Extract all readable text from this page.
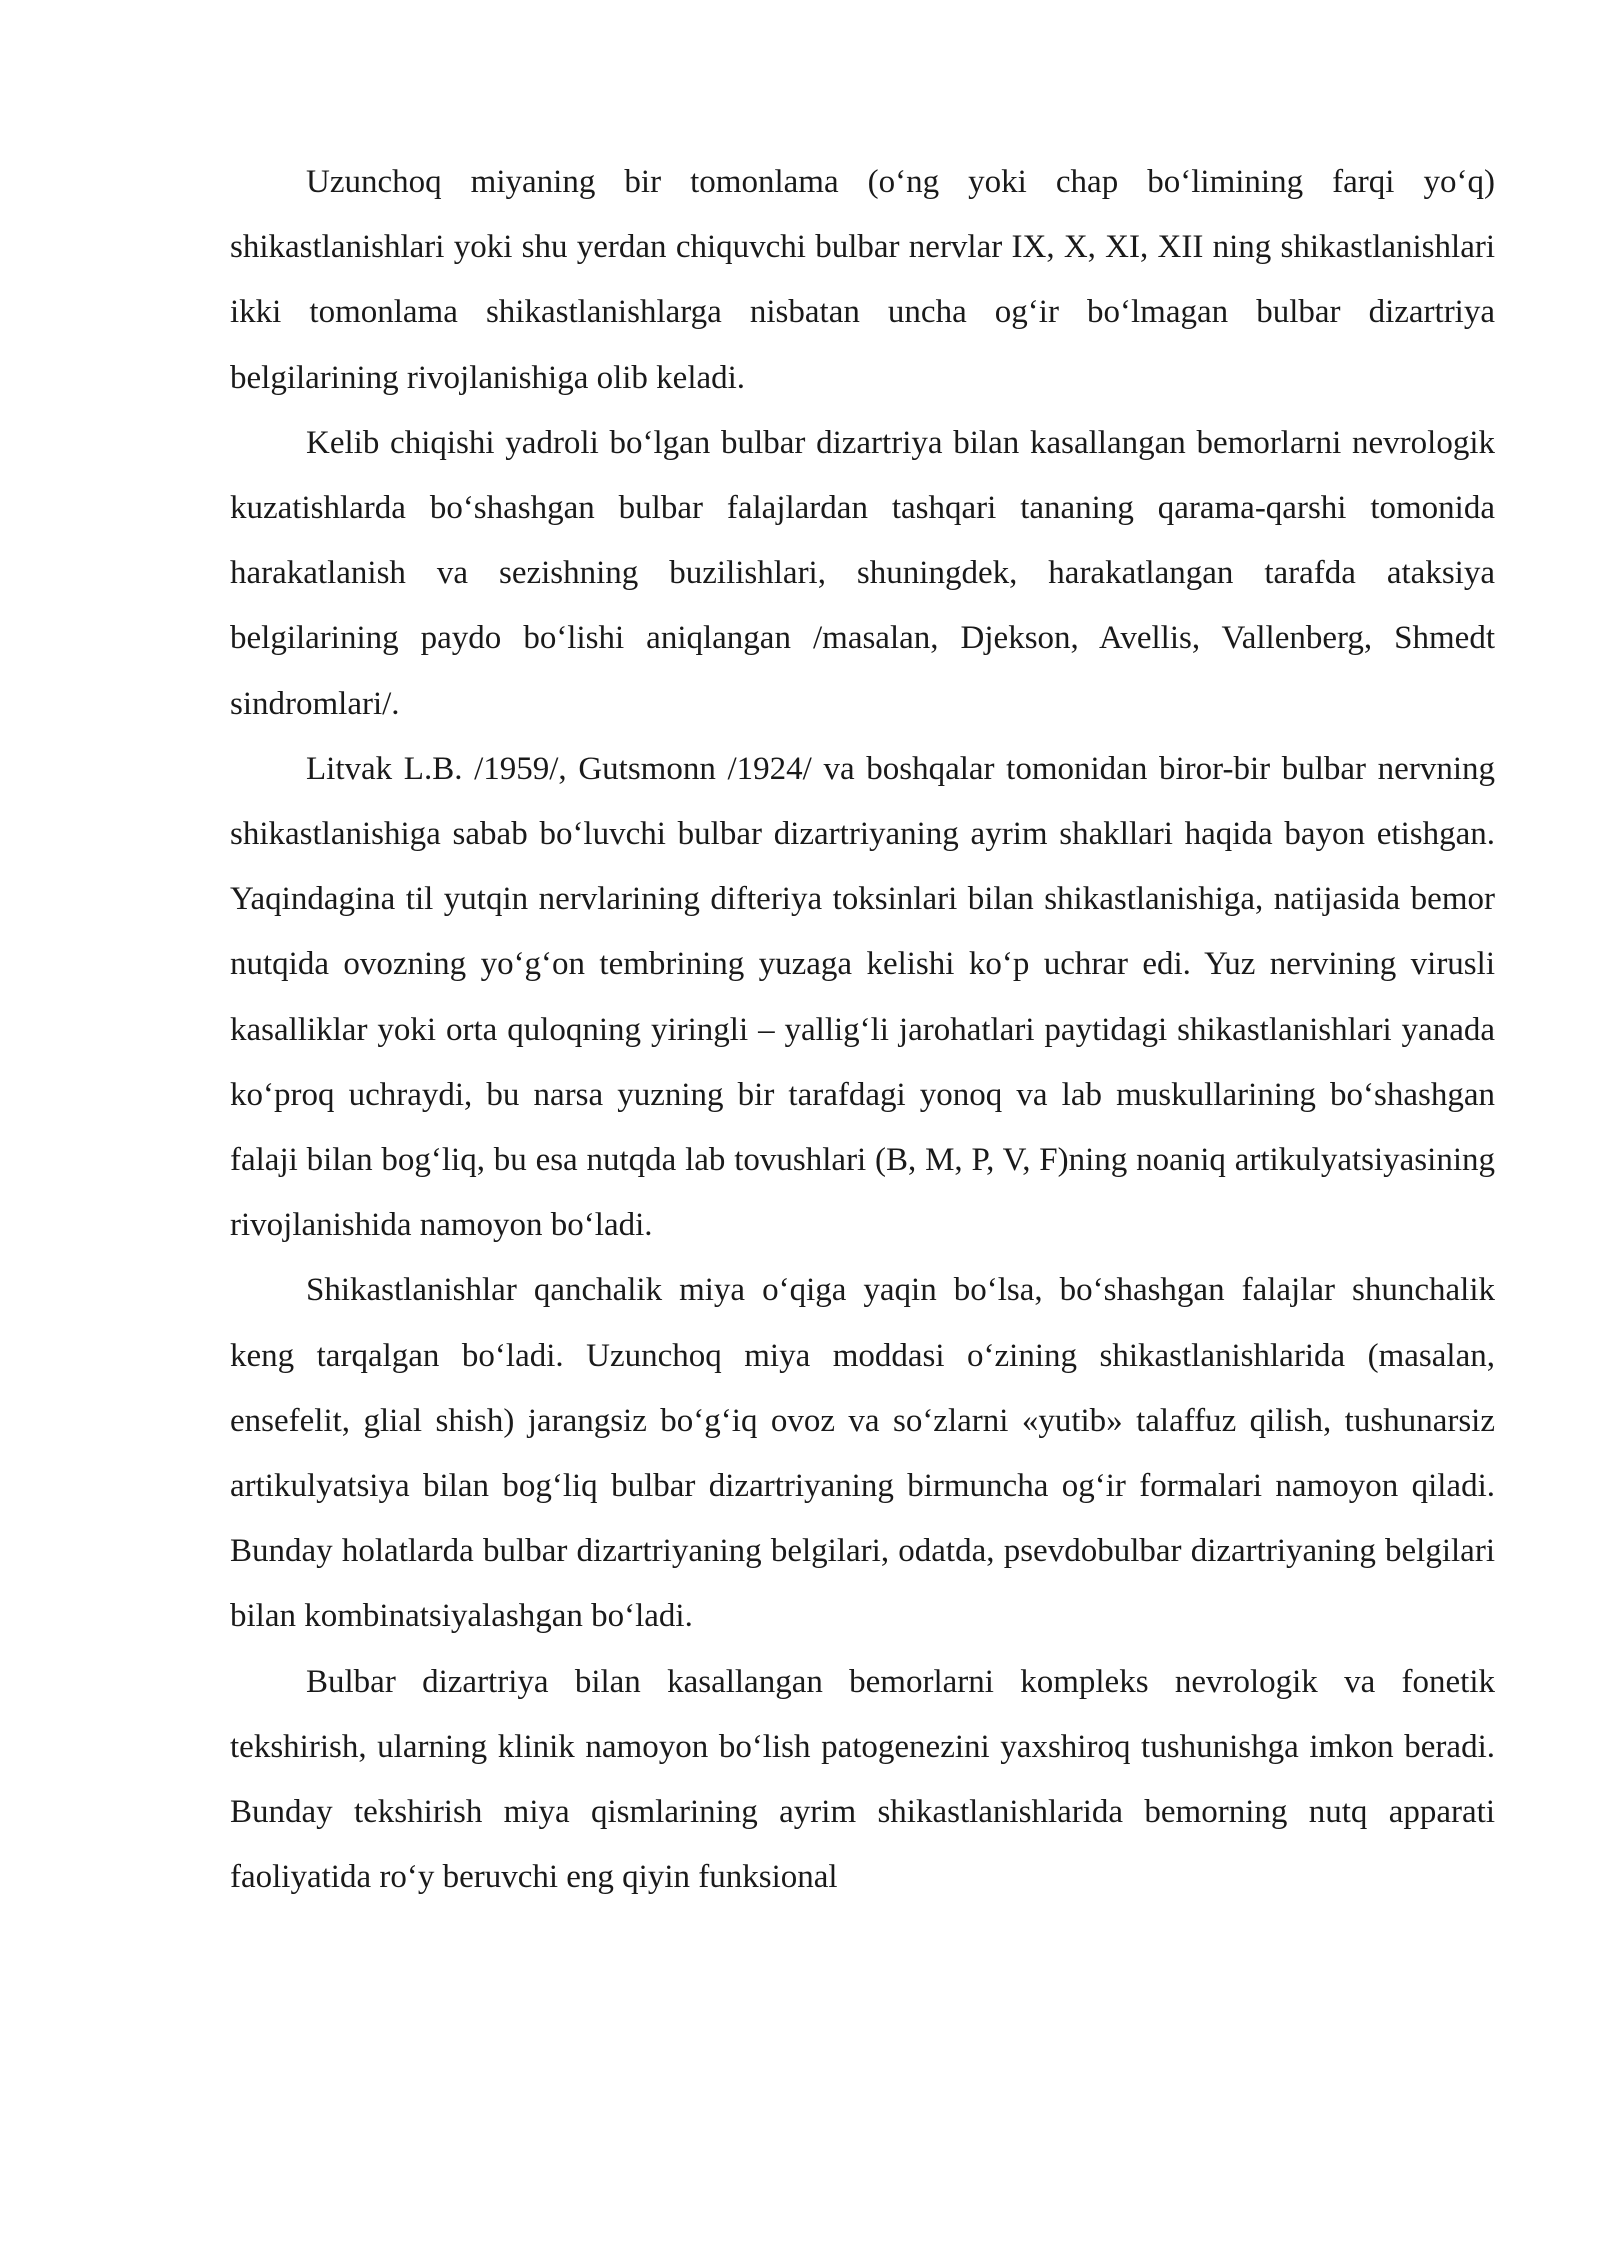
Uzunchoq miyaning bir tomonlama (o‘ng yoki chap bo‘limining farqi yo‘q) shikastlanishlari yoki shu yerdan chiquvchi bulbar nervlar IX, X, XI, XII ning shikastlanishlari ikki tomonlama shikastlanishlarga nisbatan uncha og‘ir bo‘lmagan bulbar dizartriya belgilarining rivojlanishiga olib keladi.

Kelib chiqishi yadroli bo‘lgan bulbar dizartriya bilan kasallangan bemorlarni nevrologik kuzatishlarda bo‘shashgan bulbar falajlardan tashqari tananing qarama-qarshi tomonida harakatlanish va sezishning buzilishlari, shuningdek, harakatlangan tarafda ataksiya belgilarining paydo bo‘lishi aniqlangan /masalan, Djekson, Avellis, Vallenberg, Shmedt sindromlari/.

Litvak L.B. /1959/, Gutsmonn /1924/ va boshqalar tomonidan biror-bir bulbar nervning shikastlanishiga sabab bo‘luvchi bulbar dizartriyaning ayrim shakllari haqida bayon etishgan. Yaqindagina til yutqin nervlarining difteriya toksinlari bilan shikastlanishiga, natijasida bemor nutqida ovozning yo‘g‘on tembrining yuzaga kelishi ko‘p uchrar edi. Yuz nervining virusli kasalliklar yoki orta quloqning yiringli – yallig‘li jarohatlari paytidagi shikastlanishlari yanada ko‘proq uchraydi, bu narsa yuzning bir tarafdagi yonoq va lab muskullarining bo‘shashgan falaji bilan bog‘liq, bu esa nutqda lab tovushlari (B, M, P, V, F)ning noaniq artikulyatsiyasining rivojlanishida namoyon bo‘ladi.

Shikastlanishlar qanchalik miya o‘qiga yaqin bo‘lsa, bo‘shashgan falajlar shunchalik keng tarqalgan bo‘ladi. Uzunchoq miya moddasi o‘zining shikastlanishlarida (masalan, ensefelit, glial shish) jarangsiz bo‘g‘iq ovoz va so‘zlarni «yutib» talaffuz qilish, tushunarsiz artikulyatsiya bilan bog‘liq bulbar dizartriyaning birmuncha og‘ir formalari namoyon qiladi. Bunday holatlarda bulbar dizartriyaning belgilari, odatda, psevdobulbar dizartriyaning belgilari bilan kombinatsiyalashgan bo‘ladi.

Bulbar dizartriya bilan kasallangan bemorlarni kompleks nevrologik va fonetik tekshirish, ularning klinik namoyon bo‘lish patogenezini yaxshiroq tushunishga imkon beradi. Bunday tekshirish miya qismlarining ayrim shikastlanishlarida bemorning nutq apparati faoliyatida ro‘y beruvchi eng qiyin funksional
